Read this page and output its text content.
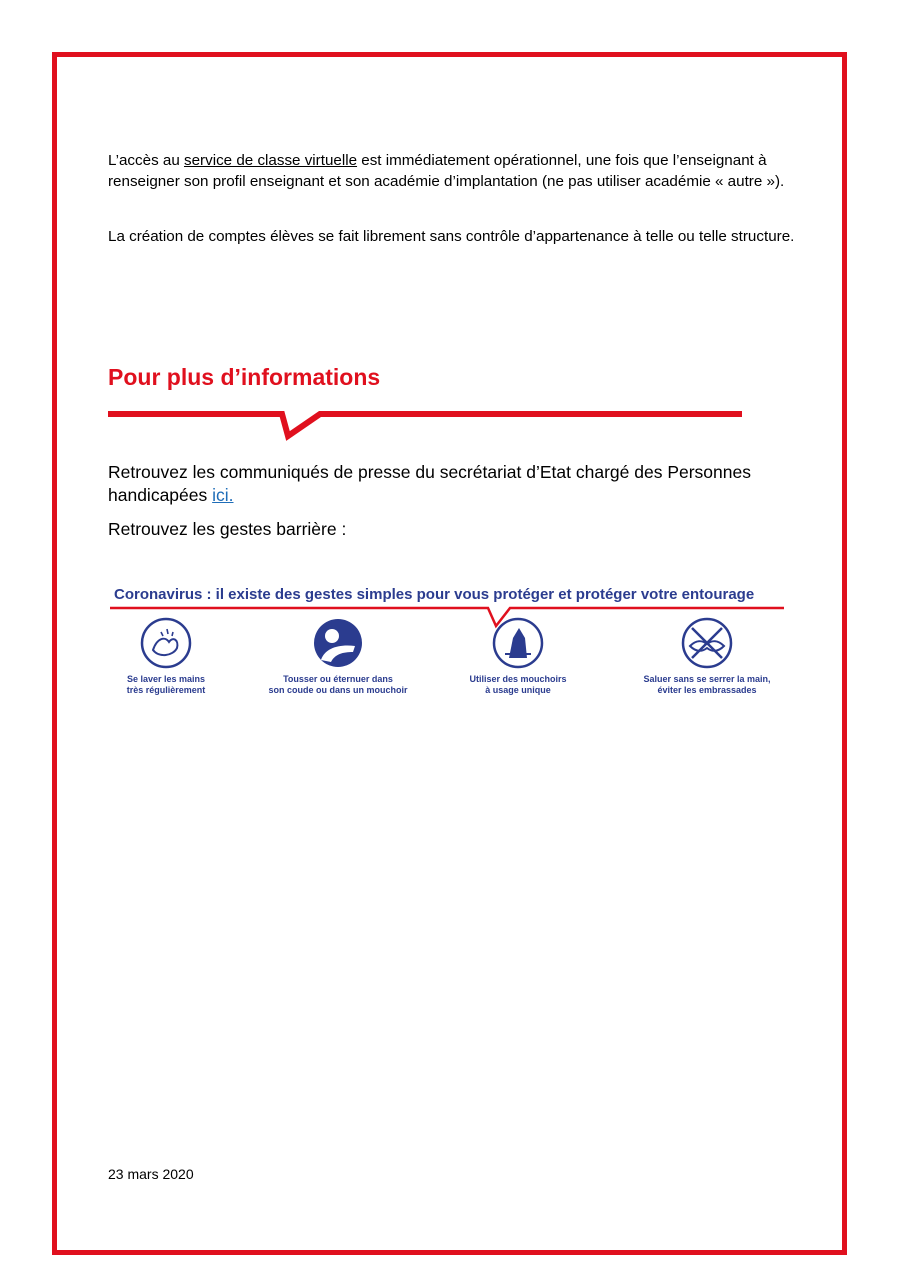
L’accès au service de classe virtuelle est immédiatement opérationnel, une fois que l’enseignant à renseigner son profil enseignant et son académie d’implantation (ne pas utiliser académie « autre »).

La création de comptes élèves se fait librement sans contrôle d’appartenance à telle ou telle structure.

Pour plus d’informations

Retrouvez les communiqués de presse du secrétariat d’Etat chargé des Personnes handicapées ici.

Retrouvez les gestes barrière :

Coronavirus : il existe des gestes simples pour vous protéger et protéger votre entourage
Se laver les mains
très régulièrement
Tousser ou éternuer dans
son coude ou dans un mouchoir
Utiliser des mouchoirs
à usage unique
Saluer sans se serrer la main,
éviter les embrassades

23 mars 2020
